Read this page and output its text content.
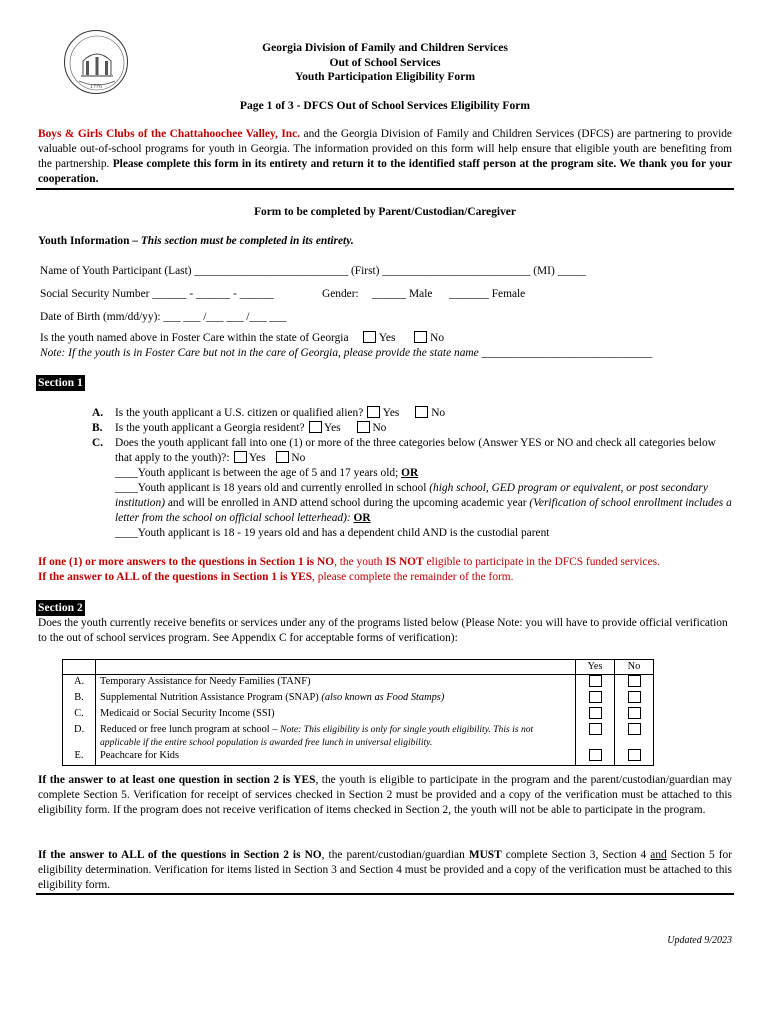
1776
Georgia Division of Family and Children Services
Out of School Services
Youth Participation Eligibility Form
Page 1 of 3 - DFCS Out of School Services Eligibility Form
Boys & Girls Clubs of the Chattahoochee Valley, Inc. and the Georgia Division of Family and Children Services (DFCS) are partnering to provide valuable out-of-school programs for youth in Georgia. The information provided on this form will help ensure that eligible youth are benefiting from the partnership. Please complete this form in its entirety and return it to the identified staff person at the program site. We thank you for your cooperation.
Form to be completed by Parent/Custodian/Caregiver
Youth Information – This section must be completed in its entirety.
Name of Youth Participant (Last) ___________________________ (First) __________________________ (MI) _____
Social Security Number ______ - ______ - ______	Gender: ______ Male _______ Female
Date of Birth (mm/dd/yy): ___ ___ /___ ___ /___ ___
Is the youth named above in Foster Care within the state of Georgia	Yes	No
Note: If the youth is in Foster Care but not in the care of Georgia, please provide the state name ______________________________
Section 1
A.	Is the youth applicant a U.S. citizen or qualified alien? Yes	No
B.	Is the youth applicant a Georgia resident? Yes	No
C.	Does the youth applicant fall into one (1) or more of the three categories below (Answer YES or NO and check all categories below that apply to the youth)?: Yes No
____Youth applicant is between the age of 5 and 17 years old; OR
____Youth applicant is 18 years old and currently enrolled in school (high school, GED program or equivalent, or post secondary institution) and will be enrolled in AND attend school during the upcoming academic year (Verification of school enrollment includes a letter from the school on official school letterhead): OR
____Youth applicant is 18 - 19 years old and has a dependent child AND is the custodial parent
If one (1) or more answers to the questions in Section 1 is NO, the youth IS NOT eligible to participate in the DFCS funded services.
If the answer to ALL of the questions in Section 1 is YES, please complete the remainder of the form.
Section 2
Does the youth currently receive benefits or services under any of the programs listed below (Please Note: you will have to provide official verification to the out of school services program. See Appendix C for acceptable forms of verification):
		Yes	No
A.	Temporary Assistance for Needy Families (TANF)		
B.	Supplemental Nutrition Assistance Program (SNAP) (also known as Food Stamps)		
C.	Medicaid or Social Security Income (SSI)		
D.	Reduced or free lunch program at school – Note: This eligibility is only for single youth eligibility. This is not applicable if the entire school population is awarded free lunch in universal eligibility.		
E.	Peachcare for Kids		
If the answer to at least one question in section 2 is YES, the youth is eligible to participate in the program and the parent/custodian/guardian may complete Section 5. Verification for receipt of services checked in Section 2 must be provided and a copy of the verification must be attached to this eligibility form. If the program does not receive verification of items checked in Section 2, the youth will not be able to participate in the program.
If the answer to ALL of the questions in Section 2 is NO, the parent/custodian/guardian MUST complete Section 3, Section 4 and Section 5 for eligibility determination. Verification for items listed in Section 3 and Section 4 must be provided and a copy of the verification must be attached to this eligibility form.
Updated 9/2023
